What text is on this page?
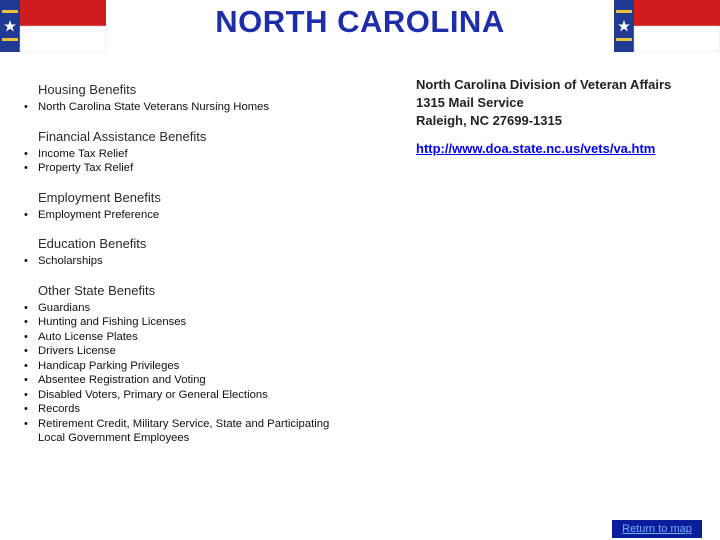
NORTH CAROLINA
Housing Benefits
• North Carolina State Veterans Nursing Homes
Financial Assistance Benefits
• Income Tax Relief
• Property Tax Relief
Employment Benefits
• Employment Preference
Education Benefits
• Scholarships
Other State Benefits
• Guardians
• Hunting and Fishing Licenses
• Auto License Plates
• Drivers License
• Handicap Parking Privileges
• Absentee Registration and Voting
• Disabled Voters, Primary or General Elections
• Records
• Retirement Credit, Military Service, State and Participating Local Government Employees
North Carolina Division of Veteran Affairs
1315 Mail Service
Raleigh, NC 27699-1315
http://www.doa.state.nc.us/vets/va.htm
Return to map
